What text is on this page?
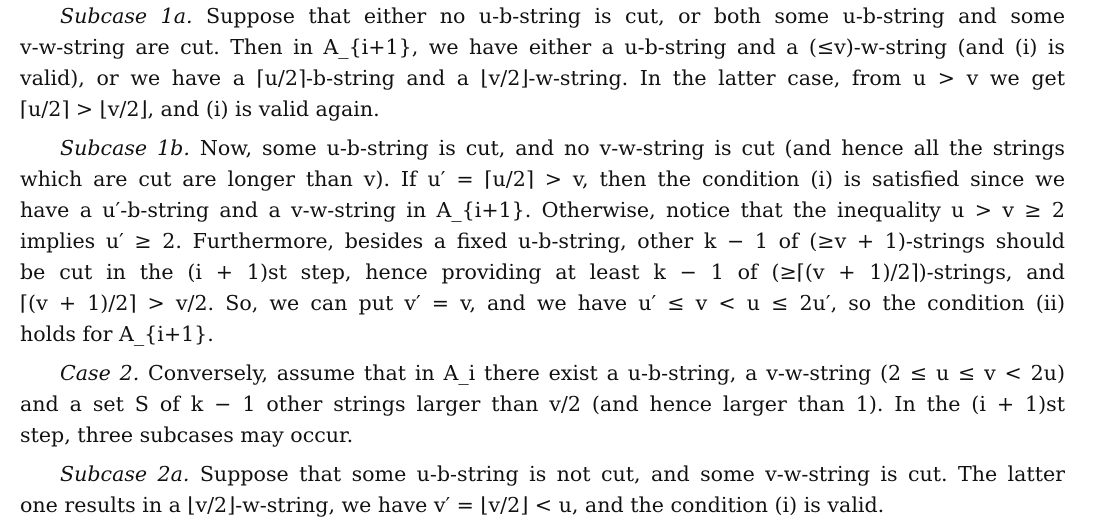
Subcase 1a. Suppose that either no u-b-string is cut, or both some u-b-string and some
v-w-string are cut. Then in A_{i+1}, we have either a u-b-string and a (≤v)-w-string (and (i) is
valid), or we have a ⌈u/2⌉-b-string and a ⌊v/2⌋-w-string. In the latter case, from u > v we get
⌈u/2⌉ > ⌊v/2⌋, and (i) is valid again.
Subcase 1b. Now, some u-b-string is cut, and no v-w-string is cut (and hence all the strings
which are cut are longer than v). If u′ = ⌈u/2⌉ > v, then the condition (i) is satisfied since we
have a u′-b-string and a v-w-string in A_{i+1}. Otherwise, notice that the inequality u > v ≥ 2
implies u′ ≥ 2. Furthermore, besides a fixed u-b-string, other k − 1 of (≥v + 1)-strings should
be cut in the (i + 1)st step, hence providing at least k − 1 of (≥⌈(v + 1)/2⌉)-strings, and
⌈(v + 1)/2⌉ > v/2. So, we can put v′ = v, and we have u′ ≤ v < u ≤ 2u′, so the condition (ii)
holds for A_{i+1}.
Case 2. Conversely, assume that in A_i there exist a u-b-string, a v-w-string (2 ≤ u ≤ v < 2u)
and a set S of k − 1 other strings larger than v/2 (and hence larger than 1). In the (i + 1)st
step, three subcases may occur.
Subcase 2a. Suppose that some u-b-string is not cut, and some v-w-string is cut. The latter
one results in a ⌊v/2⌋-w-string, we have v′ = ⌊v/2⌋ < u, and the condition (i) is valid.
